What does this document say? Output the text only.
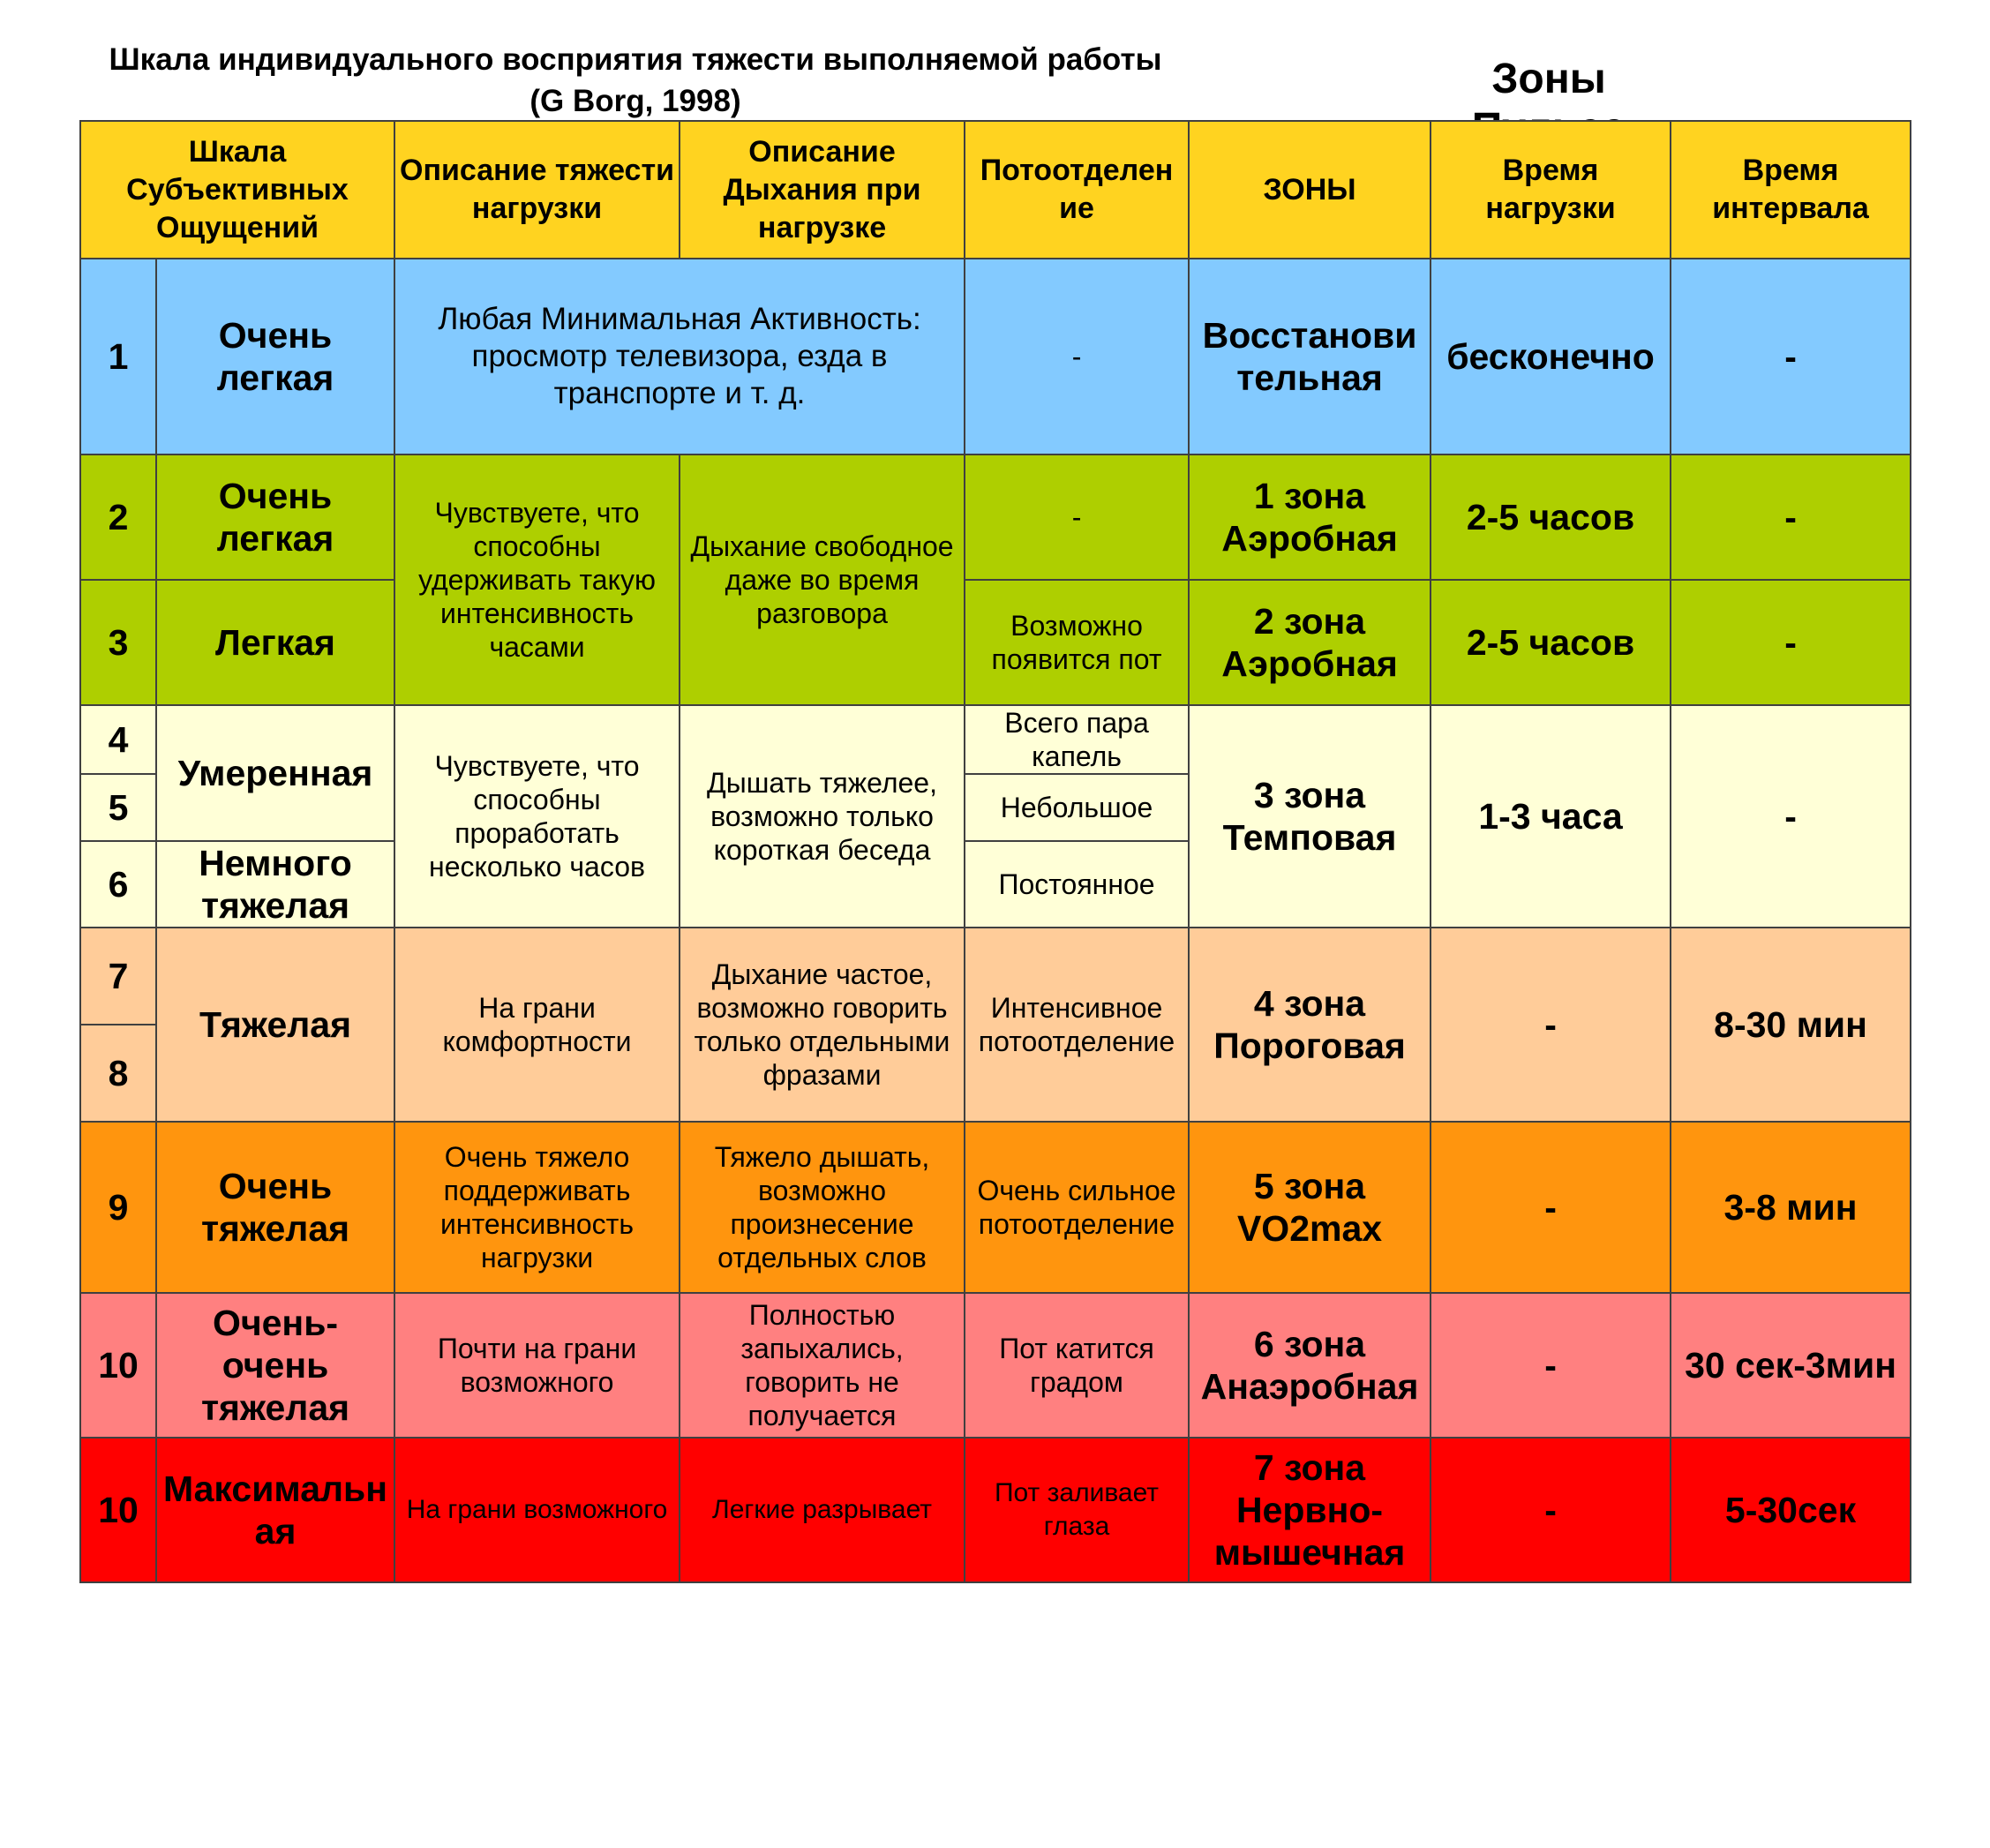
Шкала индивидуального восприятия тяжести выполняемой работы (G Borg, 1998)	Зоны
Шкала Субъективных Ощущений		Описание тяжести нагрузки	Описание Дыхания при нагрузке	Потоотделен ие	ЗОНЫ	Время нагрузки	Время интервала
1	Очень легкая	Любая Минимальная Активность: просмотр телевизора, езда в транспорте и т. д.		-	Восстанови тельная	бесконечно	-
2	Очень легкая	Чувствуете, что способны удерживать такую интенсивность часами	Дыхание свободное даже во время разговора	-	1 зона Аэробная	2-5 часов	-
3	Легкая			Возможно появится пот	2 зона Аэробная	2-5 часов	-
4	Умеренная	Чувствуете, что способны проработать несколько часов	Дышать тяжелее, возможно только короткая беседа	Всего пара капель	3 зона Темповая	1-3 часа	-
5				Небольшое			
6	Немного тяжелая			Постоянное			
7	Тяжелая	На грани комфортности	Дыхание частое, возможно говорить только отдельными фразами	Интенсивное потоотделение	4 зона Пороговая	-	8-30 мин
8							
9	Очень тяжелая	Очень тяжело поддерживать интенсивность нагрузки	Тяжело дышать, возможно произнесение отдельных слов	Очень сильное потоотделение	5 зона VO2max	-	3-8 мин
10	Очень-очень тяжелая	Почти на грани возможного	Полностью запыхались, говорить не получается	Пот катится градом	6 зона Анаэробная	-	30 сек-3мин
10	Максимальн ая	На грани возможного	Легкие разрывает	Пот заливает глаза	7 зона Нервно-мышечная	-	5-30сек
